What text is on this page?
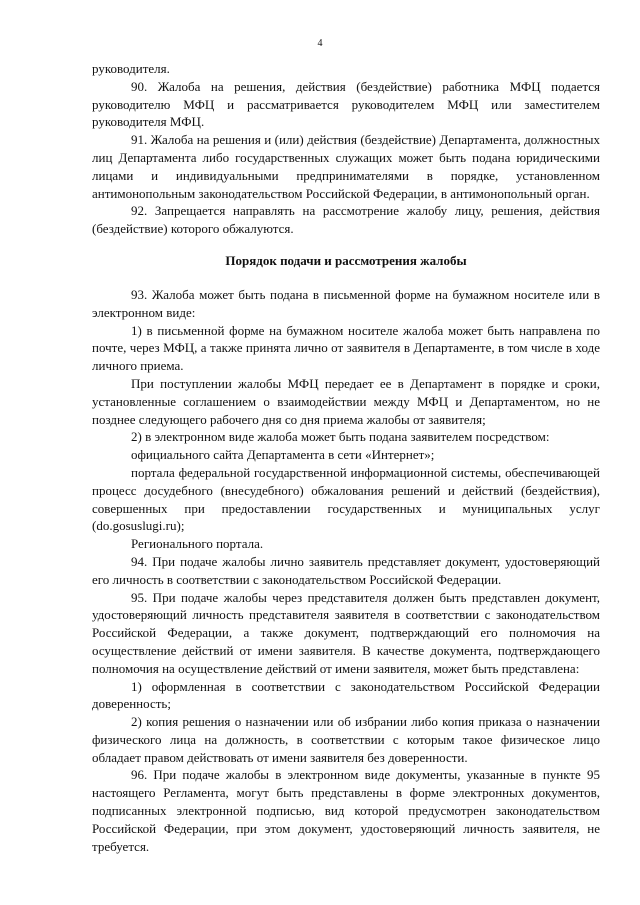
4

руководителя.

90. Жалоба на решения, действия (бездействие) работника МФЦ подается руководителю МФЦ и рассматривается руководителем МФЦ или заместителем руководителя МФЦ.

91. Жалоба на решения и (или) действия (бездействие) Департамента, должностных лиц Департамента либо государственных служащих может быть подана юридическими лицами и индивидуальными предпринимателями в порядке, установленном антимонопольным законодательством Российской Федерации, в антимонопольный орган.

92. Запрещается направлять на рассмотрение жалобу лицу, решения, действия (бездействие) которого обжалуются.

Порядок подачи и рассмотрения жалобы

93. Жалоба может быть подана в письменной форме на бумажном носителе или в электронном виде:

1) в письменной форме на бумажном носителе жалоба может быть направлена по почте, через МФЦ, а также принята лично от заявителя в Департаменте, в том числе в ходе личного приема.

При поступлении жалобы МФЦ передает ее в Департамент в порядке и сроки, установленные соглашением о взаимодействии между МФЦ и Департаментом, но не позднее следующего рабочего дня со дня приема жалобы от заявителя;

2) в электронном виде жалоба может быть подана заявителем посредством:

официального сайта Департамента в сети «Интернет»;

портала федеральной государственной информационной системы, обеспечивающей процесс досудебного (внесудебного) обжалования решений и действий (бездействия), совершенных при предоставлении государственных и муниципальных услуг (do.gosuslugi.ru);

Регионального портала.

94. При подаче жалобы лично заявитель представляет документ, удостоверяющий его личность в соответствии с законодательством Российской Федерации.

95. При подаче жалобы через представителя должен быть представлен документ, удостоверяющий личность представителя заявителя в соответствии с законодательством Российской Федерации, а также документ, подтверждающий его полномочия на осуществление действий от имени заявителя. В качестве документа, подтверждающего полномочия на осуществление действий от имени заявителя, может быть представлена:

1) оформленная в соответствии с законодательством Российской Федерации доверенность;

2) копия решения о назначении или об избрании либо копия приказа о назначении физического лица на должность, в соответствии с которым такое физическое лицо обладает правом действовать от имени заявителя без доверенности.

96. При подаче жалобы в электронном виде документы, указанные в пункте 95 настоящего Регламента, могут быть представлены в форме электронных документов, подписанных электронной подписью, вид которой предусмотрен законодательством Российской Федерации, при этом документ, удостоверяющий личность заявителя, не требуется.
